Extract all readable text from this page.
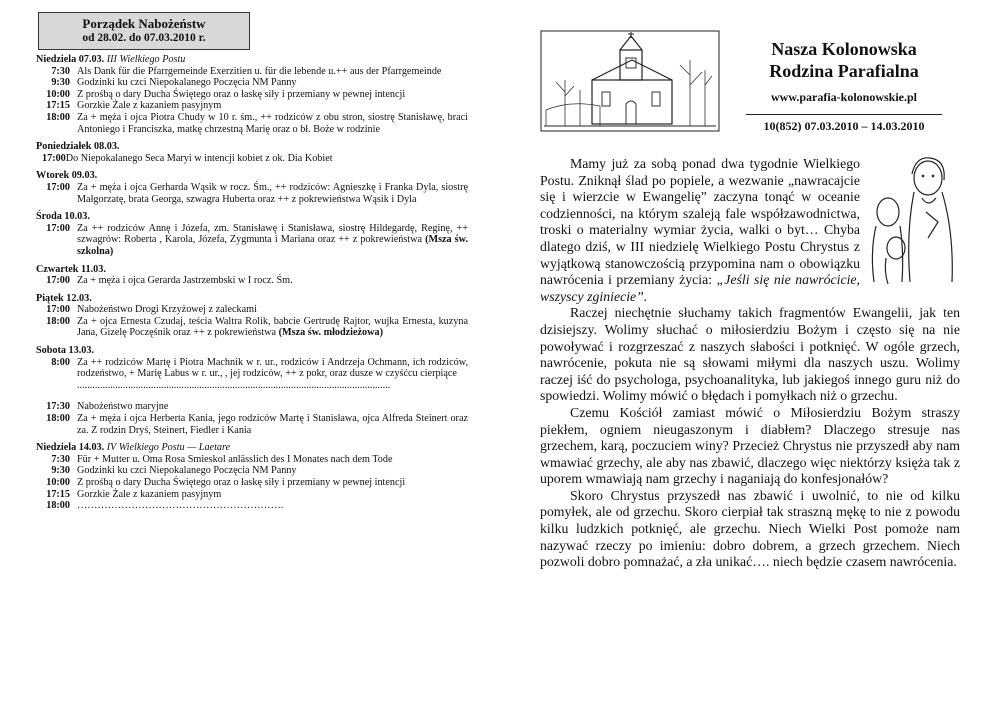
Porządek Nabożeństw
od 28.02. do 07.03.2010 r.
Niedziela 07.03. III Wielkiego Postu
7:30 Als Dank für die Pfarrgemeinde Exerzitien u. für die lebende u.++ aus der Pfarrgemeinde
9:30 Godzinki ku czci Niepokalanego Poczęcia NM Panny
10:00 Z prośbą o dary Ducha Świętego oraz o łaskę siły i przemiany w pewnej intencji
17:15 Gorzkie Żale z kazaniem pasyjnym
18:00 Za + męża i ojca Piotra Chudy w 10 r. śm., ++ rodziców z obu stron, siostrę Stanisławę, braci Antoniego i Franciszka, matkę chrzestną Marię oraz o bł. Boże w rodzinie
Poniedziałek 08.03.
17:00Do Niepokalanego Seca Maryi w intencji kobiet z ok. Dia Kobiet
Wtorek 09.03.
17:00 Za + męża i ojca Gerharda Wąsik w rocz. Śm., ++ rodziców: Agnieszkę i Franka Dyla, siostrę Małgorzatę, brata Georga, szwagra Huberta oraz ++ z pokrewieństwa Wąsik i Dyla
Środa 10.03.
17:00 Za ++ rodziców Annę i Józefa, zm. Stanisławę i Stanisława, siostrę Hildegardę, Reginę, ++ szwagrów: Roberta , Karola, Józefa, Zygmunta i Mariana oraz ++ z pokrewieństwa (Msza św. szkolna)
Czwartek 11.03.
17:00 Za + męża i ojca Gerarda Jastrzembski w I rocz. Śm.
Piątek 12.03.
17:00 Nabożeństwo Drogi Krzyżowej z zaleckami
18:00 Za + ojca Ernesta Czudaj, teścia Waltra Rolik, babcie Gertrudę Rajtor, wujka Ernesta, kuzyna Jana, Gizelę Poczęśnik oraz ++ z pokrewieństwa (Msza św. młodzieżowa)
Sobota 13.03.
8:00 Za ++ rodziców Martę i Piotra Machnik w r. ur., rodziców i Andrzeja Ochmann, ich rodziców, rodzeństwo, + Marię Labus w r. ur., , jej rodziców, ++ z pokr, oraz dusze w czyśćcu cierpiące
...........................................................................................................................
17:30 Nabożeństwo maryjne
18:00 Za + męża i ojca Herberta Kania, jego rodziców Martę i Stanisława, ojca Alfreda Steinert oraz za. Z rodzin Dryś, Steinert, Fiedler i Kania
Niedziela 14.03. IV Wielkiego Postu — Laetare
7:30 Für + Mutter u. Oma Rosa Smieskol anlässlich des I Monates nach dem Tode
9:30 Godzinki ku czci Niepokalanego Poczęcia NM Panny
10:00 Z prośbą o dary Ducha Świętego oraz o łaskę siły i przemiany w pewnej intencji
17:15 Gorzkie Żale z kazaniem pasyjnym
18:00 …………………………………………………….
Nasza Kolonowska
Rodzina Parafialna
www.parafia-kolonowskie.pl
10(852) 07.03.2010 – 14.03.2010

Mamy już za sobą ponad dwa tygodnie Wielkiego Postu. Zniknął ślad po popiele, a wezwanie „nawracajcie się i wierzcie w Ewangelię” zaczyna tonąć w oceanie codzienności, na którym szaleją fale współzawodnictwa, troski o materialny wymiar życia, walki o byt… Chyba dlatego dziś, w III niedzielę Wielkiego Postu Chrystus z wyjątkową stanowczością przypomina nam o obowiązku nawrócenia i przemiany życia: „Jeśli się nie nawrócicie, wszyscy zginiecie”.

Raczej niechętnie słuchamy takich fragmentów Ewangelii, jak ten dzisiejszy. Wolimy słuchać o miłosierdziu Bożym i często się na nie powoływać i rozgrzeszać z naszych słabości i potknięć. W ogóle grzech, nawrócenie, pokuta nie są słowami miłymi dla naszych uszu. Wolimy raczej iść do psychologa, psychoanalityka, lub jakiegoś innego guru niż do spowiedzi. Wolimy mówić o błędach i pomyłkach niż o grzechu.

Czemu Kościół zamiast mówić o Miłosierdziu Bożym straszy piekłem, ogniem nieugaszonym i diabłem? Dlaczego stresuje nas grzechem, karą, poczuciem winy? Przecież Chrystus nie przyszedł aby nam wmawiać grzechy, ale aby nas zbawić, dlaczego więc niektórzy księża tak z uporem wmawiają nam grzechy i naganiają do konfesjonałów?

Skoro Chrystus przyszedł nas zbawić i uwolnić, to nie od kilku pomyłek, ale od grzechu. Skoro cierpiał tak straszną mękę to nie z powodu kilku ludzkich potknięć, ale grzechu. Niech Wielki Post pomoże nam nazywać rzeczy po imieniu: dobro dobrem, a grzech grzechem. Niech pozwoli dobro pomnażać, a zła unikać…. niech będzie czasem nawrócenia.
